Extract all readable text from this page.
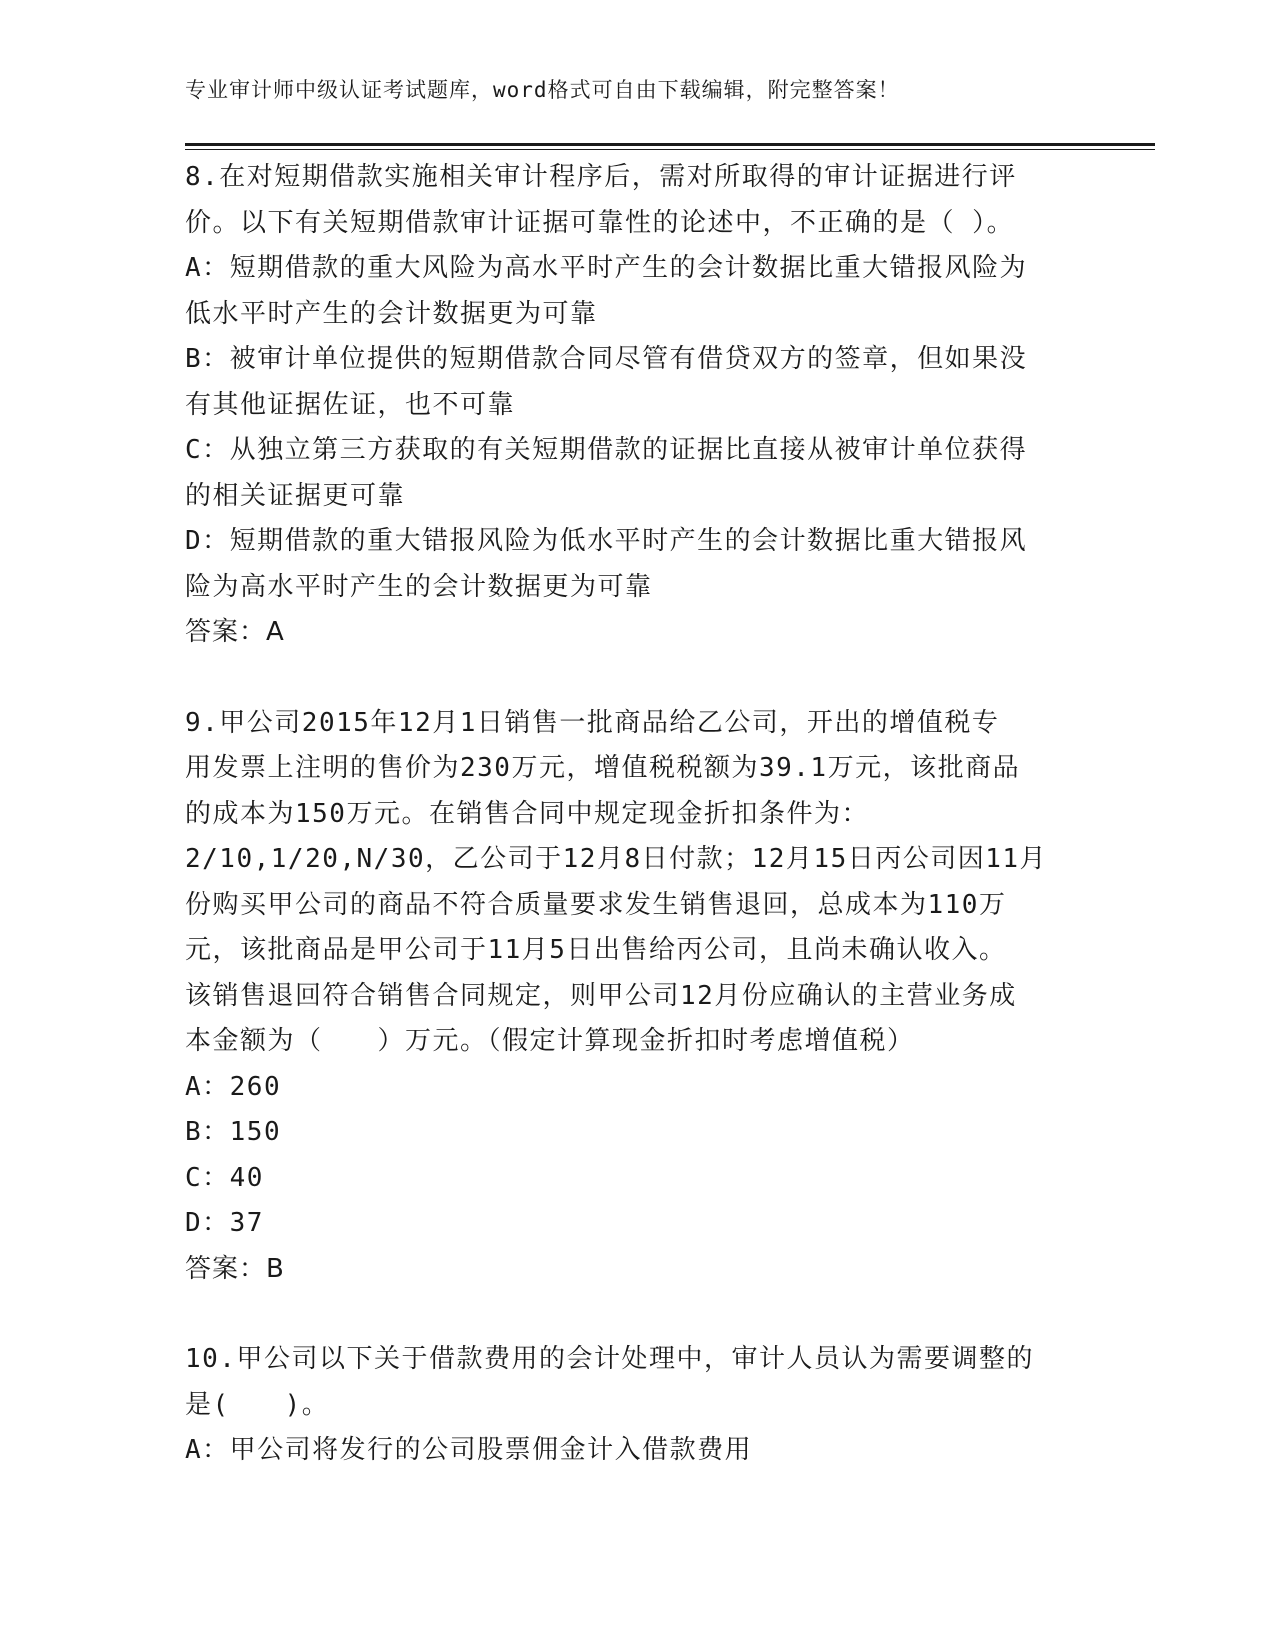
专业审计师中级认证考试题库，word格式可自由下载编辑，附完整答案！
8.在对短期借款实施相关审计程序后，需对所取得的审计证据进行评
价。以下有关短期借款审计证据可靠性的论述中，不正确的是（ ）。
A：短期借款的重大风险为高水平时产生的会计数据比重大错报风险为
低水平时产生的会计数据更为可靠
B：被审计单位提供的短期借款合同尽管有借贷双方的签章，但如果没
有其他证据佐证，也不可靠
C：从独立第三方获取的有关短期借款的证据比直接从被审计单位获得
的相关证据更可靠
D：短期借款的重大错报风险为低水平时产生的会计数据比重大错报风
险为高水平时产生的会计数据更为可靠
答案：A
9.甲公司2015年12月1日销售一批商品给乙公司，开出的增值税专
用发票上注明的售价为230万元，增值税税额为39.1万元，该批商品
的成本为150万元。在销售合同中规定现金折扣条件为：
2/10,1/20,N/30，乙公司于12月8日付款；12月15日丙公司因11月
份购买甲公司的商品不符合质量要求发生销售退回，总成本为110万
元，该批商品是甲公司于11月5日出售给丙公司，且尚未确认收入。
该销售退回符合销售合同规定，则甲公司12月份应确认的主营业务成
本金额为（　　）万元。（假定计算现金折扣时考虑增值税）
A：260
B：150
C：40
D：37
答案：B
10.甲公司以下关于借款费用的会计处理中，审计人员认为需要调整的
是(　　)。
A：甲公司将发行的公司股票佣金计入借款费用
